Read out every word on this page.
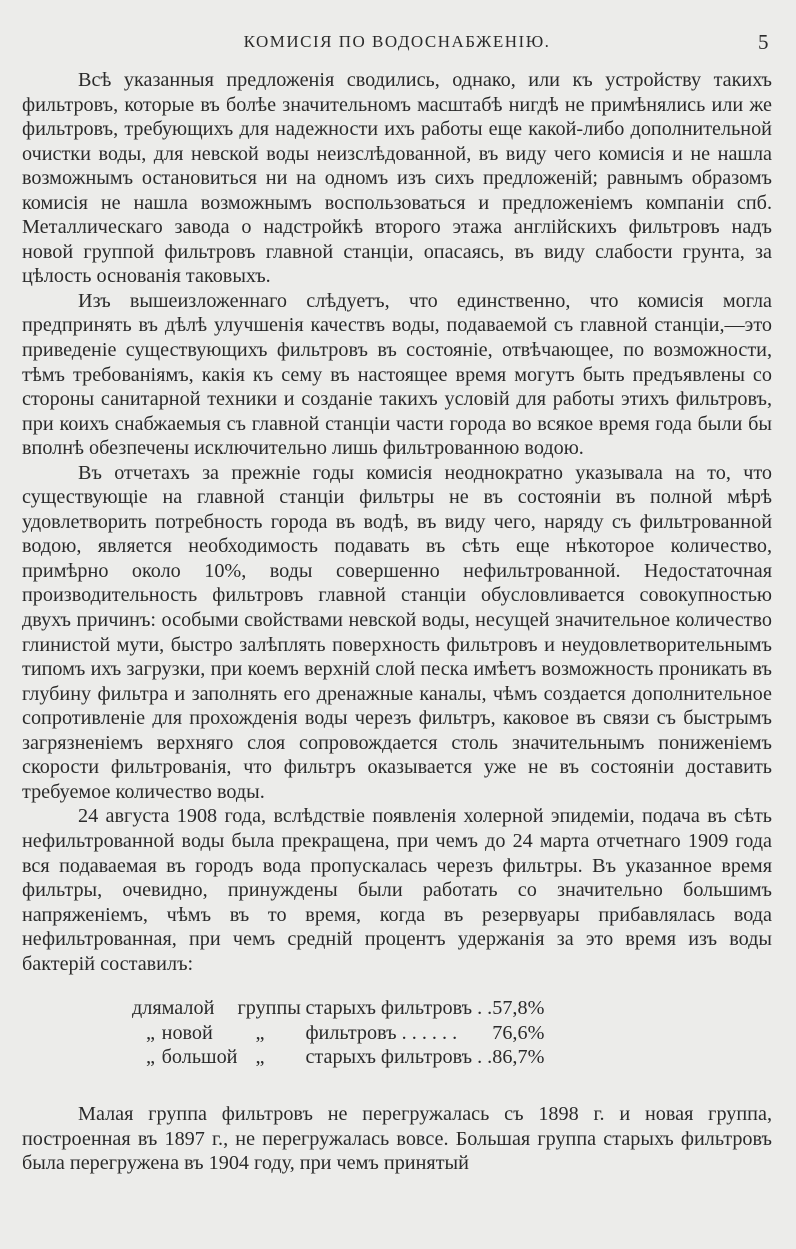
КОМИСІЯ ПО ВОДОСНАБЖЕНІЮ.	5

Всѣ указанныя предложенія сводились, однако, или къ устройству такихъ фильтровъ, которые въ болѣе значительномъ масштабѣ нигдѣ не примѣнялись или же фильтровъ, требующихъ для надежности ихъ работы еще какой-либо дополнительной очистки воды, для невской воды неизслѣдованной, въ виду чего комисія и не нашла возможнымъ остановиться ни на одномъ изъ сихъ предложеній; равнымъ образомъ комисія не нашла возможнымъ воспользоваться и предложеніемъ компаніи спб. Металлическаго завода о надстройкѣ второго этажа англійскихъ фильтровъ надъ новой группой фильтровъ главной станціи, опасаясь, въ виду слабости грунта, за цѣлость основанія таковыхъ.

Изъ вышеизложеннаго слѣдуетъ, что единственно, что комисія могла предпринять въ дѣлѣ улучшенія качествъ воды, подаваемой съ главной станціи,—это приведеніе существующихъ фильтровъ въ состояніе, отвѣчающее, по возможности, тѣмъ требованіямъ, какія къ сему въ настоящее время могутъ быть предъявлены со стороны санитарной техники и созданіе такихъ условій для работы этихъ фильтровъ, при коихъ снабжаемыя съ главной станціи части города во всякое время года были бы вполнѣ обезпечены исключительно лишь фильтрованною водою.

Въ отчетахъ за прежніе годы комисія неоднократно указывала на то, что существующіе на главной станціи фильтры не въ состояніи въ полной мѣрѣ удовлетворить потребность города въ водѣ, въ виду чего, наряду съ фильтрованной водою, является необходимость подавать въ сѣть еще нѣкоторое количество, примѣрно около 10%, воды совершенно нефильтрованной. Недостаточная производительность фильтровъ главной станціи обусловливается совокупностью двухъ причинъ: особыми свойствами невской воды, несущей значительное количество глинистой мути, быстро залѣплять поверхность фильтровъ и неудовлетворительнымъ типомъ ихъ загрузки, при коемъ верхній слой песка имѣетъ возможность проникать въ глубину фильтра и заполнять его дренажные каналы, чѣмъ создается дополнительное сопротивленіе для прохожденія воды черезъ фильтръ, каковое въ связи съ быстрымъ загрязненіемъ верхняго слоя сопровождается столь значительнымъ пониженіемъ скорости фильтрованія, что фильтръ оказывается уже не въ состояніи доставить требуемое количество воды.

24 августа 1908 года, вслѣдствіе появленія холерной эпидеміи, подача въ сѣть нефильтрованной воды была прекращена, при чемъ до 24 марта отчетнаго 1909 года вся подаваемая въ городъ вода пропускалась черезъ фильтры. Въ указанное время фильтры, очевидно, принуждены были работать со значительно большимъ напряженіемъ, чѣмъ въ то время, когда въ резервуары прибавлялась вода нефильтрованная, при чемъ средній процентъ удержанія за это время изъ воды бактерій составилъ:

для	малой	группы	старыхъ фильтровъ . .	57,8%
„	новой	„	фильтровъ . . . . . .	76,6%
„	большой	„	старыхъ фильтровъ . .	86,7%

Малая группа фильтровъ не перегружалась съ 1898 г. и новая группа, построенная въ 1897 г., не перегружалась вовсе. Большая группа старыхъ фильтровъ была перегружена въ 1904 году, при чемъ принятый
